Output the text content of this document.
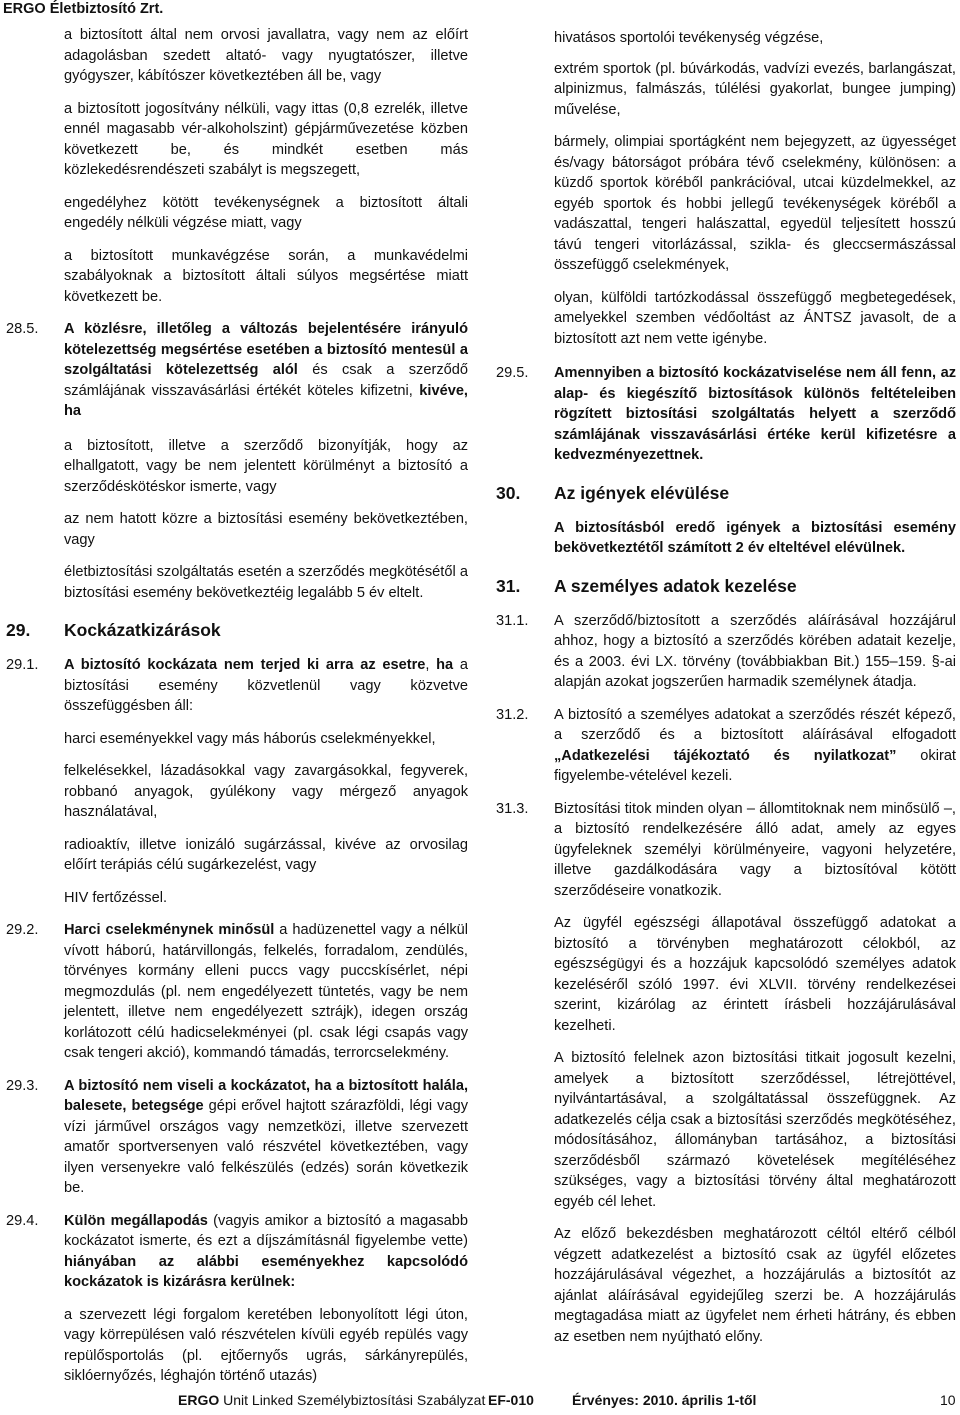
ERGO Életbiztosító Zrt.
a biztosított által nem orvosi javallatra, vagy nem az előírt adagolásban szedett altató- vagy nyugtatószer, illetve gyógyszer, kábítószer következtében áll be, vagy
a biztosított jogosítvány nélküli, vagy ittas (0,8 ezrelék, illetve ennél magasabb vér-alkoholszint) gépjárművezetése közben következett be, és mindkét esetben más közlekedésrendészeti szabályt is megszegett,
engedélyhez kötött tevékenységnek a biztosított általi engedély nélküli végzése miatt, vagy
a biztosított munkavégzése során, a munkavédelmi szabályoknak a biztosított általi súlyos megsértése miatt következett be.
28.5. A közlésre, illetőleg a változás bejelentésére irányuló kötelezettség megsértése esetében a biztosító mentesül a szolgáltatási kötelezettség alól és csak a szerződő számlájának visszavásárlási értékét köteles kifizetni, kivéve, ha
a biztosított, illetve a szerződő bizonyítják, hogy az elhallgatott, vagy be nem jelentett körülményt a biztosító a szerződéskötéskor ismerte, vagy
az nem hatott közre a biztosítási esemény bekövetkeztében, vagy
életbiztosítási szolgáltatás esetén a szerződés megkötésétől a biztosítási esemény bekövetkeztéig legalább 5 év eltelt.
29. Kockázatkizárások
29.1. A biztosító kockázata nem terjed ki arra az esetre, ha a biztosítási esemény közvetlenül vagy közvetve összefüggésben áll:
harci eseményekkel vagy más háborús cselekményekkel,
felkelésekkel, lázadásokkal vagy zavargásokkal, fegyverek, robbanó anyagok, gyúlékony vagy mérgező anyagok használatával,
radioaktív, illetve ionizáló sugárzással, kivéve az orvosilag előírt terápiás célú sugárkezelést, vagy
HIV fertőzéssel.
29.2. Harci cselekménynek minősül a hadüzenettel vagy a nélkül vívott háború, határvillongás, felkelés, forradalom, zendülés, törvényes kormány elleni puccs vagy puccskísérlet, népi megmozdulás (pl. nem engedélyezett tüntetés, vagy be nem jelentett, illetve nem engedélyezett sztrájk), idegen ország korlátozott célú hadicselekményei (pl. csak légi csapás vagy csak tengeri akció), kommandó támadás, terrorcselekmény.
29.3. A biztosító nem viseli a kockázatot, ha a biztosított halála, balesete, betegsége gépi erővel hajtott szárazföldi, légi vagy vízi járművel országos vagy nemzetközi, illetve szervezett amatőr sportversenyen való részvétel következtében, vagy ilyen versenyekre való felkészülés (edzés) során következik be.
29.4. Külön megállapodás (vagyis amikor a biztosító a magasabb kockázatot ismerte, és ezt a díjszámításnál figyelembe vette) hiányában az alábbi eseményekhez kapcsolódó kockázatok is kizárásra kerülnek:
a szervezett légi forgalom keretében lebonyolított légi úton, vagy körrepülésen való részvételen kívüli egyéb repülés vagy repülősportolás (pl. ejtőernyős ugrás, sárkányrepülés, siklóernyőzés, léghajón történő utazás)
hivatásos sportolói tevékenység végzése,
extrém sportok (pl. búvárkodás, vadvízi evezés, barlangászat, alpinizmus, falmászás, túlélési gyakorlat, bungee jumping) művelése,
bármely, olimpiai sportágként nem bejegyzett, az ügyességet és/vagy bátorságot próbára tévő cselekmény, különösen: a küzdő sportok köréből pankrációval, utcai küzdelmekkel, az egyéb sportok és hobbi jellegű tevékenységek köréből a vadászattal, tengeri halászattal, egyedül teljesített hosszú távú tengeri vitorlázással, szikla- és gleccsermászással összefüggő cselekmények,
olyan, külföldi tartózkodással összefüggő megbetegedések, amelyekkel szemben védőoltást az ÁNTSZ javasolt, de a biztosított azt nem vette igénybe.
29.5. Amennyiben a biztosító kockázatviselése nem áll fenn, az alap- és kiegészítő biztosítások különös feltételeiben rögzített biztosítási szolgáltatás helyett a szerződő számlájának visszavásárlási értéke kerül kifizetésre a kedvezményezettnek.
30. Az igények elévülése
A biztosításból eredő igények a biztosítási esemény bekövetkeztétől számított 2 év elteltével elévülnek.
31. A személyes adatok kezelése
31.1. A szerződő/biztosított a szerződés aláírásával hozzájárul ahhoz, hogy a biztosító a szerződés körében adatait kezelje, és a 2003. évi LX. törvény (továbbiakban Bit.) 155–159. §-ai alapján azokat jogszerűen harmadik személynek átadja.
31.2. A biztosító a személyes adatokat a szerződés részét képező, a szerződő és a biztosított aláírásával elfogadott „Adatkezelési tájékoztató és nyilatkozat” okirat figyelembe-vételével kezeli.
31.3. Biztosítási titok minden olyan – állomtitoknak nem minősülő –, a biztosító rendelkezésére álló adat, amely az egyes ügyfeleknek személyi körülményeire, vagyoni helyzetére, illetve gazdálkodására vagy a biztosítóval kötött szerződéseire vonatkozik.
Az ügyfél egészségi állapotával összefüggő adatokat a biztosító a törvényben meghatározott célokból, az egészségügyi és a hozzájuk kapcsolódó személyes adatok kezeléséről szóló 1997. évi XLVII. törvény rendelkezései szerint, kizárólag az érintett írásbeli hozzájárulásával kezelheti.
A biztosító felelnek azon biztosítási titkait jogosult kezelni, amelyek a biztosított szerződéssel, létrejöttével, nyilvántartásával, a szolgáltatással összefüggnek. Az adatkezelés célja csak a biztosítási szerződés megkötéséhez, módosításához, állományban tartásához, a biztosítási szerződésből származó követelések megítéléséhez szükséges, vagy a biztosítási törvény által meghatározott egyéb cél lehet.
Az előző bekezdésben meghatározott céltól eltérő célból végzett adatkezelést a biztosító csak az ügyfél előzetes hozzájárulásával végezhet, a hozzájárulás a biztosítót az ajánlat aláírásával egyidejűleg szerzi be. A hozzájárulás megtagadása miatt az ügyfelet nem érheti hátrány, és ebben az esetben nem nyújtható előny.
ERGO Unit Linked Személybiztosítási Szabályzat EF-010	Érvényes: 2010. április 1-től	10
